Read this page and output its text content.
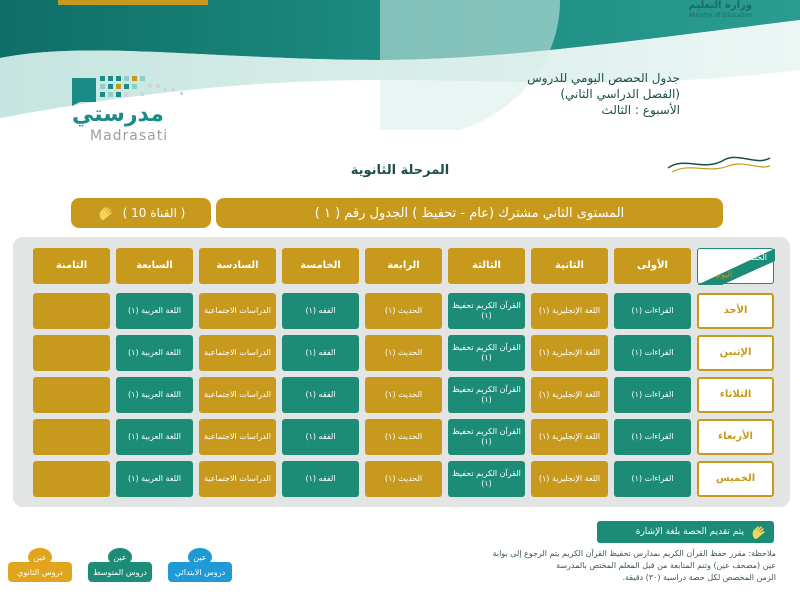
وزارة التعليم
Ministry of Education
جدول الحصص اليومي للدروس
(الفصل الدراسي الثاني)
الأسبوع : الثالث
مدرستي
Madrasati
المرحلة الثانوية
( القناة 10 )	المستوى الثاني مشترك (عام - تحفيظ ) الجدول رقم ( ١ )
الحصة
اليوم
الأولى
الثانية
الثالثة
الرابعة
الخامسة
السادسة
السابعة
الثامنة
الأحد
القراءات (١)
اللغة الإنجليزية (١)
القرآن الكريم تحفيظ (١)
الحديث (١)
الفقه (١)
الدراسات الاجتماعية
اللغة العربية (١)
الإثنين
القراءات (١)
اللغة الإنجليزية (١)
القرآن الكريم تحفيظ (١)
الحديث (١)
الفقه (١)
الدراسات الاجتماعية
اللغة العربية (١)
الثلاثاء
القراءات (١)
اللغة الإنجليزية (١)
القرآن الكريم تحفيظ (١)
الحديث (١)
الفقه (١)
الدراسات الاجتماعية
اللغة العربية (١)
الأربعاء
القراءات (١)
اللغة الإنجليزية (١)
القرآن الكريم تحفيظ (١)
الحديث (١)
الفقه (١)
الدراسات الاجتماعية
اللغة العربية (١)
الخميس
القراءات (١)
اللغة الإنجليزية (١)
القرآن الكريم تحفيظ (١)
الحديث (١)
الفقه (١)
الدراسات الاجتماعية
اللغة العربية (١)
يتم تقديم الحصة بلغة الإشارة
ملاحظة: مقرر حفظ القرآن الكريم بمدارس تحفيظ القرآن الكريم يتم الرجوع إلى بوابة
عين (مصحف عين) وتتم المتابعة من قبل المعلم المختص بالمدرسة
الزمن المخصص لكل حصة دراسية (٣٠) دقيقة.
عين
دروس الابتدائي
عين
دروس المتوسط
عين
دروس الثانوي
